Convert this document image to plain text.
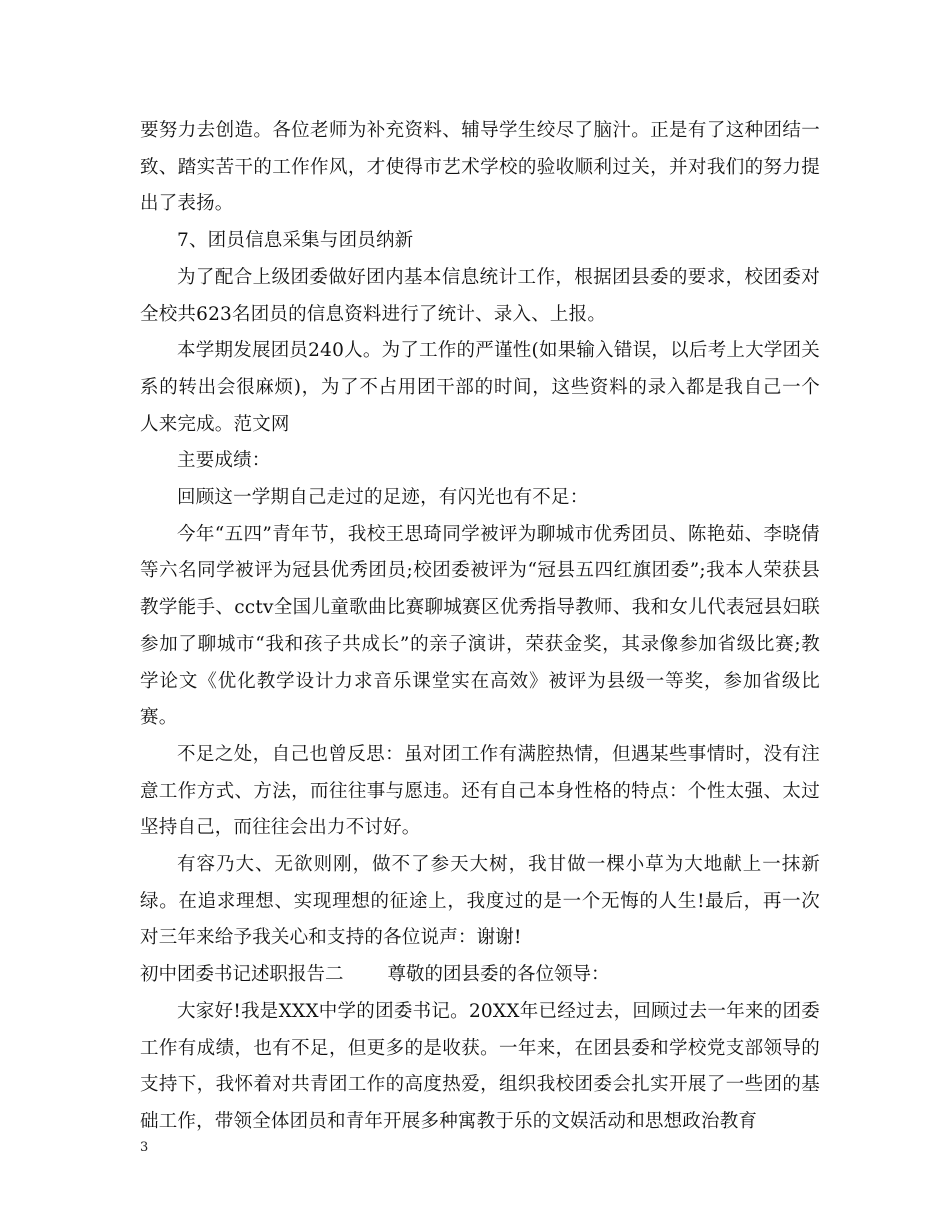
要努力去创造。各位老师为补充资料、辅导学生绞尽了脑汁。正是有了这种团结一致、踏实苦干的工作作风，才使得市艺术学校的验收顺利过关，并对我们的努力提出了表扬。

7、团员信息采集与团员纳新

为了配合上级团委做好团内基本信息统计工作，根据团县委的要求，校团委对全校共623名团员的信息资料进行了统计、录入、上报。

本学期发展团员240人。为了工作的严谨性(如果输入错误，以后考上大学团关系的转出会很麻烦)，为了不占用团干部的时间，这些资料的录入都是我自己一个人来完成。范文网

主要成绩：

回顾这一学期自己走过的足迹，有闪光也有不足：

今年“五四”青年节，我校王思琦同学被评为聊城市优秀团员、陈艳茹、李晓倩等六名同学被评为冠县优秀团员;校团委被评为“冠县五四红旗团委”;我本人荣获县教学能手、cctv全国儿童歌曲比赛聊城赛区优秀指导教师、我和女儿代表冠县妇联参加了聊城市“我和孩子共成长”的亲子演讲，荣获金奖，其录像参加省级比赛;教学论文《优化教学设计力求音乐课堂实在高效》被评为县级一等奖，参加省级比赛。

不足之处，自己也曾反思：虽对团工作有满腔热情，但遇某些事情时，没有注意工作方式、方法，而往往事与愿违。还有自己本身性格的特点：个性太强、太过坚持自己，而往往会出力不讨好。

有容乃大、无欲则刚，做不了参天大树，我甘做一棵小草为大地献上一抹新绿。在追求理想、实现理想的征途上，我度过的是一个无悔的人生!最后，再一次对三年来给予我关心和支持的各位说声：谢谢!

初中团委书记述职报告二 尊敬的团县委的各位领导：

大家好!我是XXX中学的团委书记。20XX年已经过去，回顾过去一年来的团委工作有成绩，也有不足，但更多的是收获。一年来，在团县委和学校党支部领导的支持下，我怀着对共青团工作的高度热爱，组织我校团委会扎实开展了一些团的基础工作，带领全体团员和青年开展多种寓教于乐的文娱活动和思想政治教育

3
